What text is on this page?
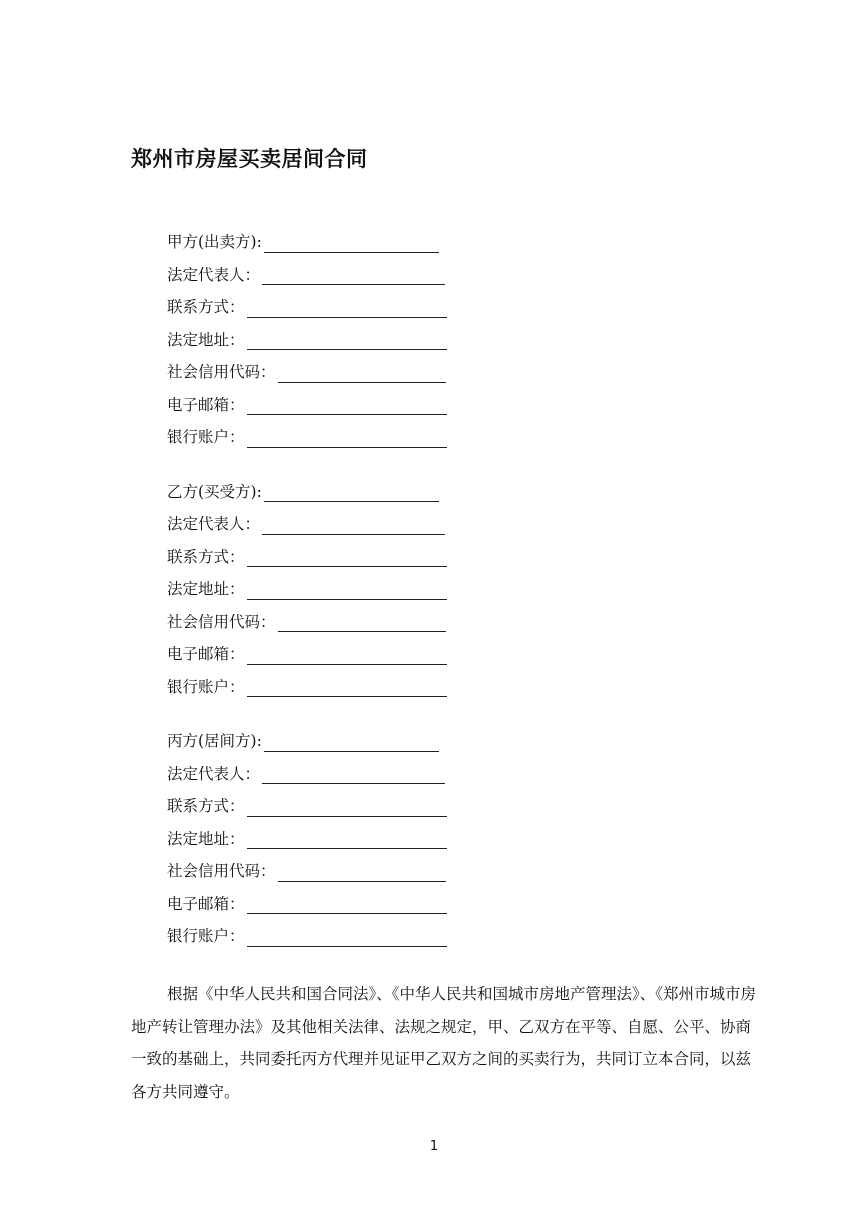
郑州市房屋买卖居间合同
甲方(出卖方):
法定代表人：
联系方式：
法定地址：
社会信用代码：
电子邮箱：
银行账户：
乙方(买受方):
法定代表人：
联系方式：
法定地址：
社会信用代码：
电子邮箱：
银行账户：
丙方(居间方):
法定代表人：
联系方式：
法定地址：
社会信用代码：
电子邮箱：
银行账户：

根据《中华人民共和国合同法》、《中华人民共和国城市房地产管理法》、《郑州市城市房地产转让管理办法》及其他相关法律、法规之规定，甲、乙双方在平等、自愿、公平、协商一致的基础上，共同委托丙方代理并见证甲乙双方之间的买卖行为，共同订立本合同，以兹各方共同遵守。

1
